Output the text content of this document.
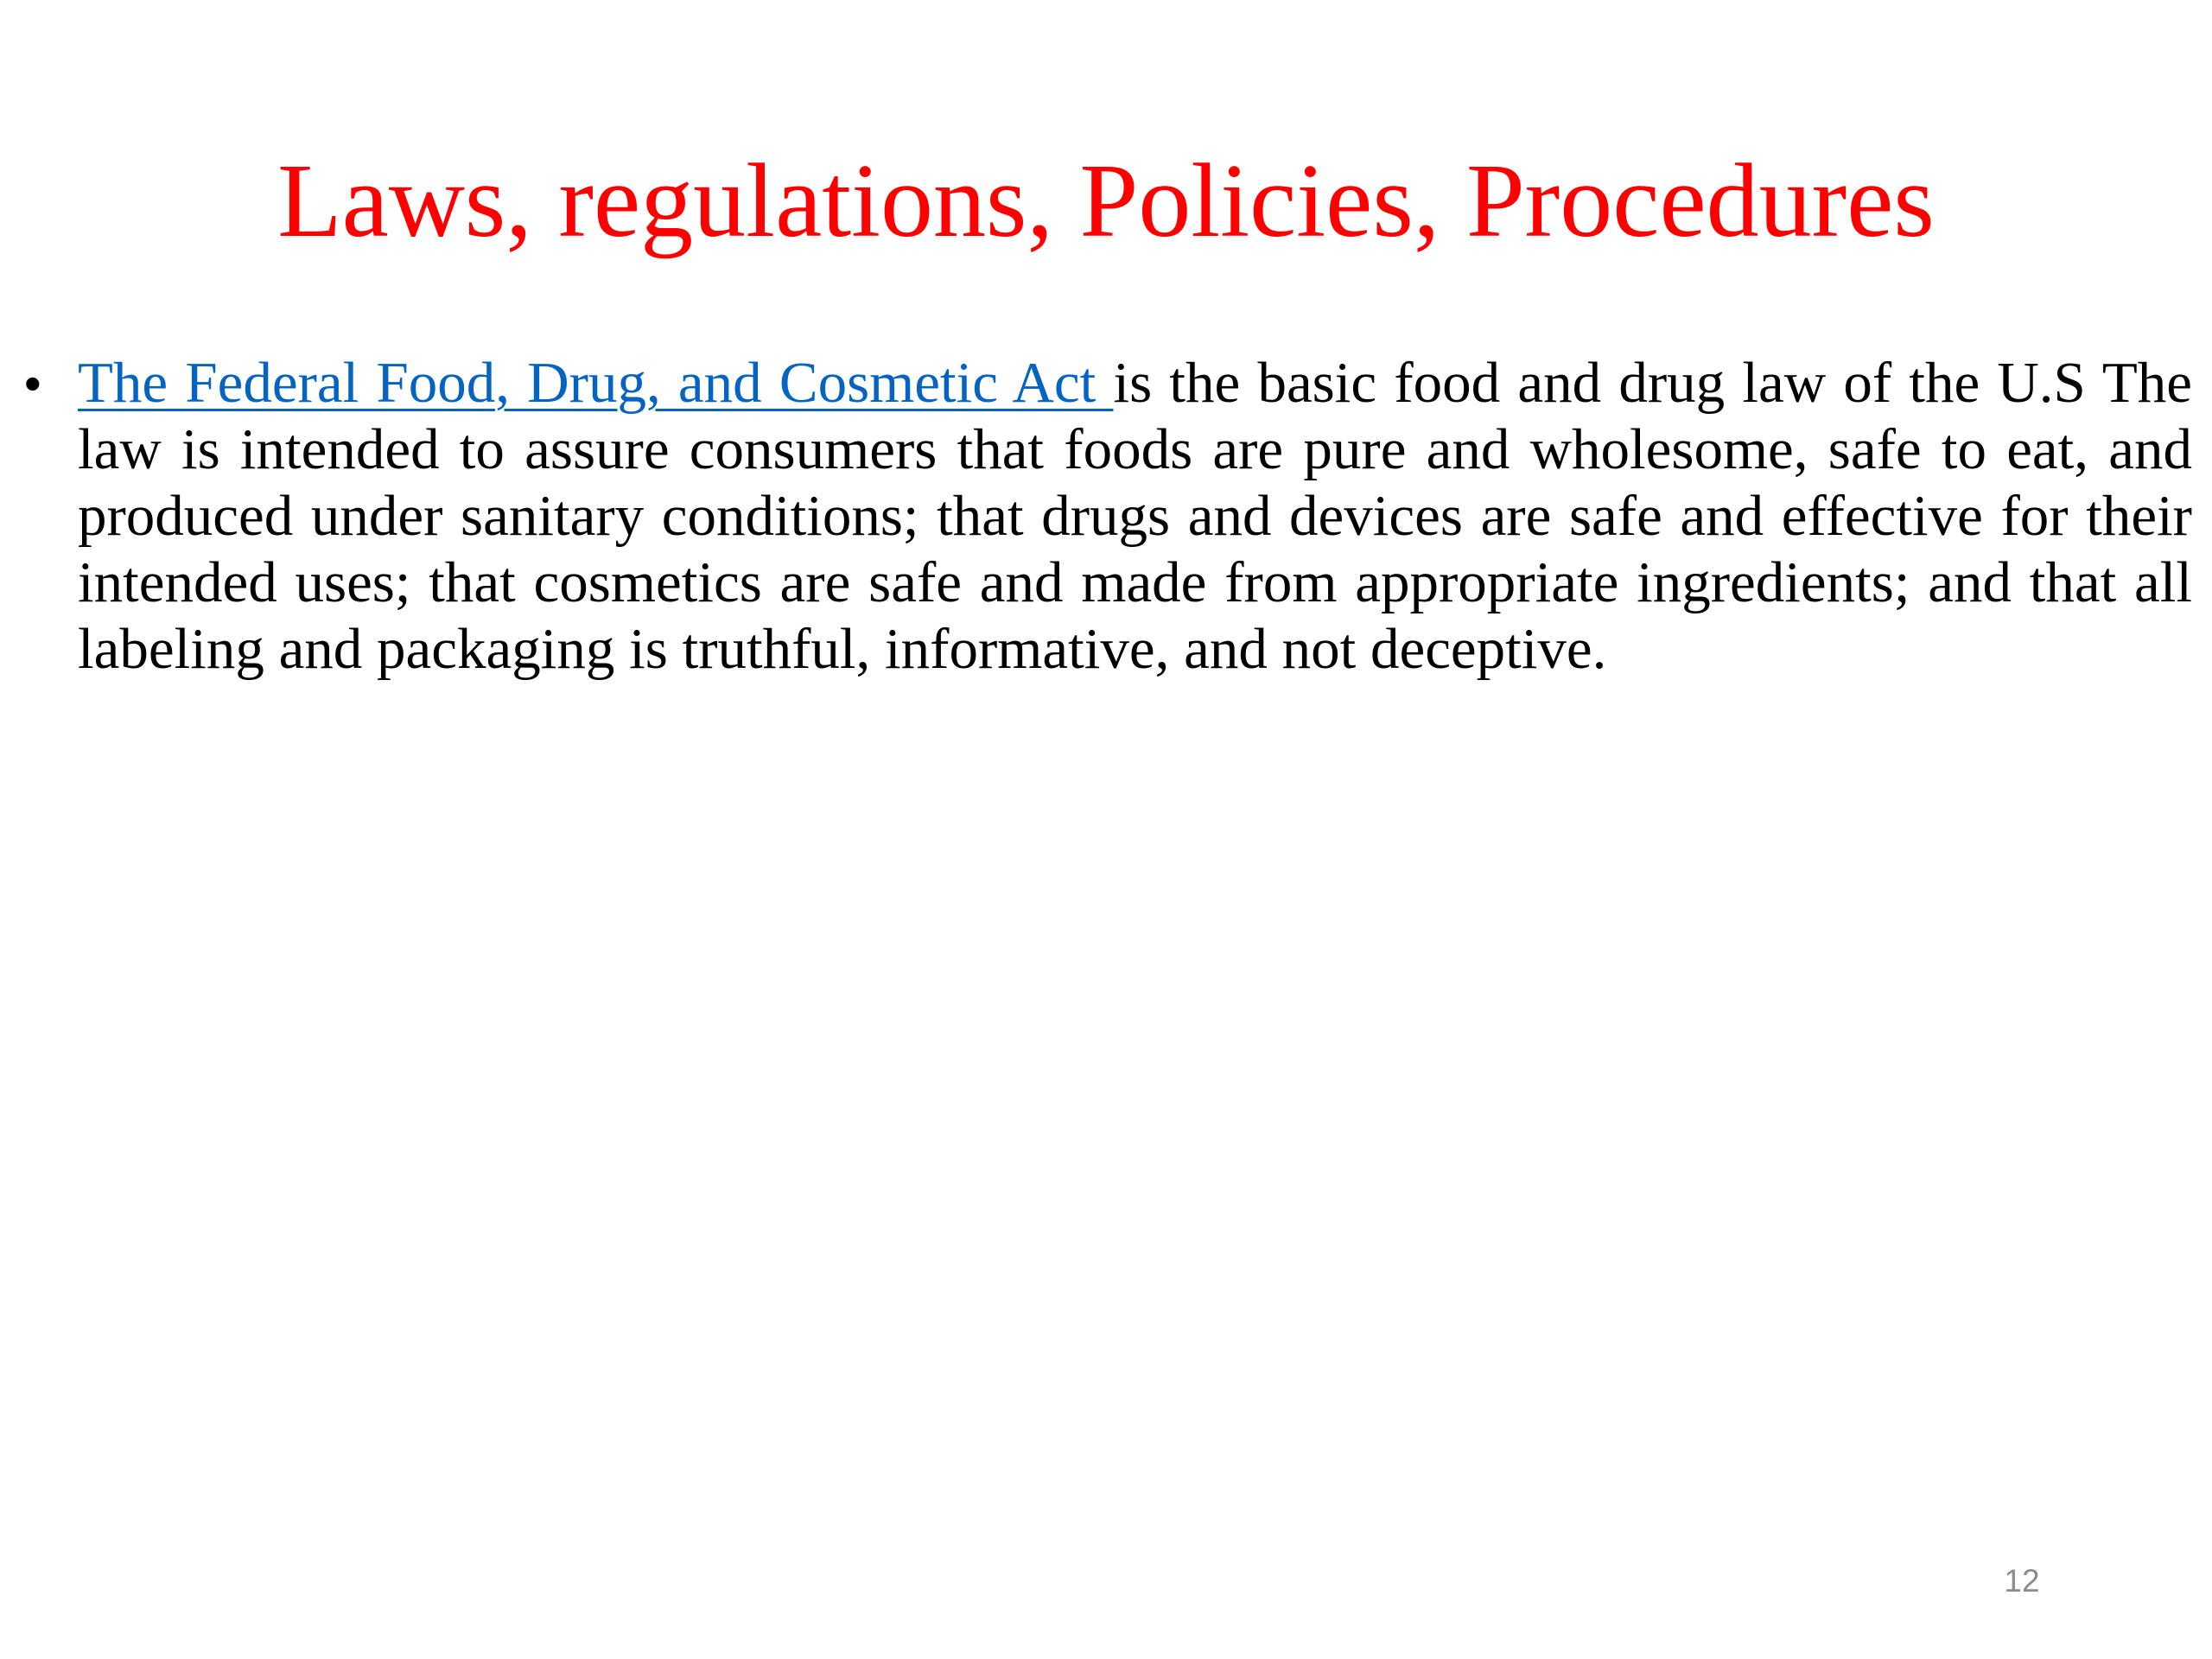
Laws, regulations, Policies, Procedures
• The Federal Food, Drug, and Cosmetic Act is the basic food and drug law of the U.S The law is intended to assure consumers that foods are pure and wholesome, safe to eat, and produced under sanitary conditions; that drugs and devices are safe and effective for their intended uses; that cosmetics are safe and made from appropriate ingredients; and that all labeling and packaging is truthful, informative, and not deceptive.
12
